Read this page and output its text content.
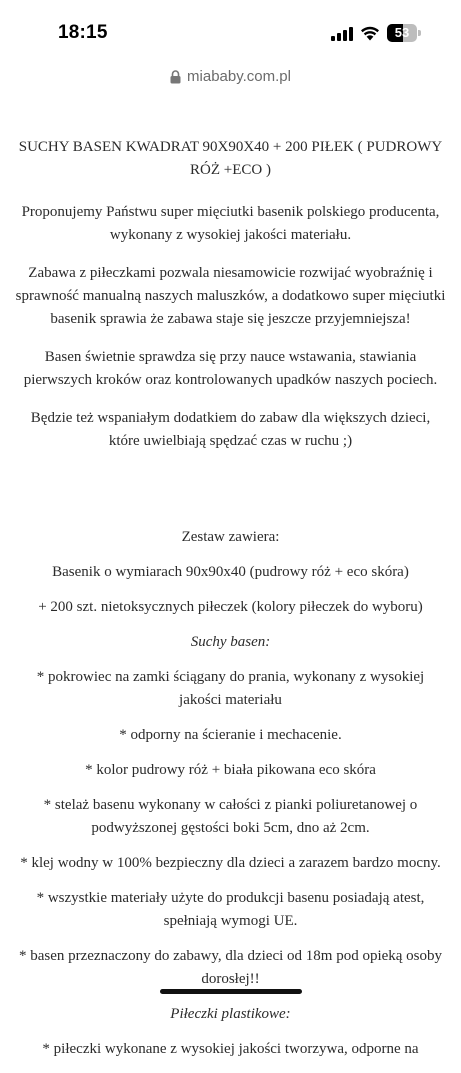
18:15	53
miababy.com.pl

SUCHY BASEN KWADRAT 90X90X40 + 200 PIŁEK ( PUDROWY RÓŻ +ECO )

Proponujemy Państwu super mięciutki basenik polskiego producenta, wykonany z wysokiej jakości materiału.

Zabawa z piłeczkami pozwala niesamowicie rozwijać wyobraźnię i sprawność manualną naszych maluszków, a dodatkowo super mięciutki basenik sprawia że zabawa staje się jeszcze przyjemniejsza!

Basen świetnie sprawdza się przy nauce wstawania, stawiania pierwszych kroków oraz kontrolowanych upadków naszych pociech.

Będzie też wspaniałym dodatkiem do zabaw dla większych dzieci, które uwielbiają spędzać czas w ruchu ;)

Zestaw zawiera:

Basenik o wymiarach 90x90x40 (pudrowy róż + eco skóra)

+ 200 szt. nietoksycznych piłeczek (kolory piłeczek do wyboru)

Suchy basen:

* pokrowiec na zamki ściągany do prania, wykonany z wysokiej jakości materiału

* odporny na ścieranie i mechacenie.

* kolor pudrowy róż + biała pikowana eco skóra

* stelaż basenu wykonany w całości z pianki poliuretanowej o podwyższonej gęstości boki 5cm, dno aż 2cm.

* klej wodny w 100% bezpieczny dla dzieci a zarazem bardzo mocny.

* wszystkie materiały użyte do produkcji basenu posiadają atest, spełniają wymogi UE.

* basen przeznaczony do zabawy, dla dzieci od 18m pod opieką osoby dorosłej!!

Piłeczki plastikowe:

* piłeczki wykonane z wysokiej jakości tworzywa, odporne na
